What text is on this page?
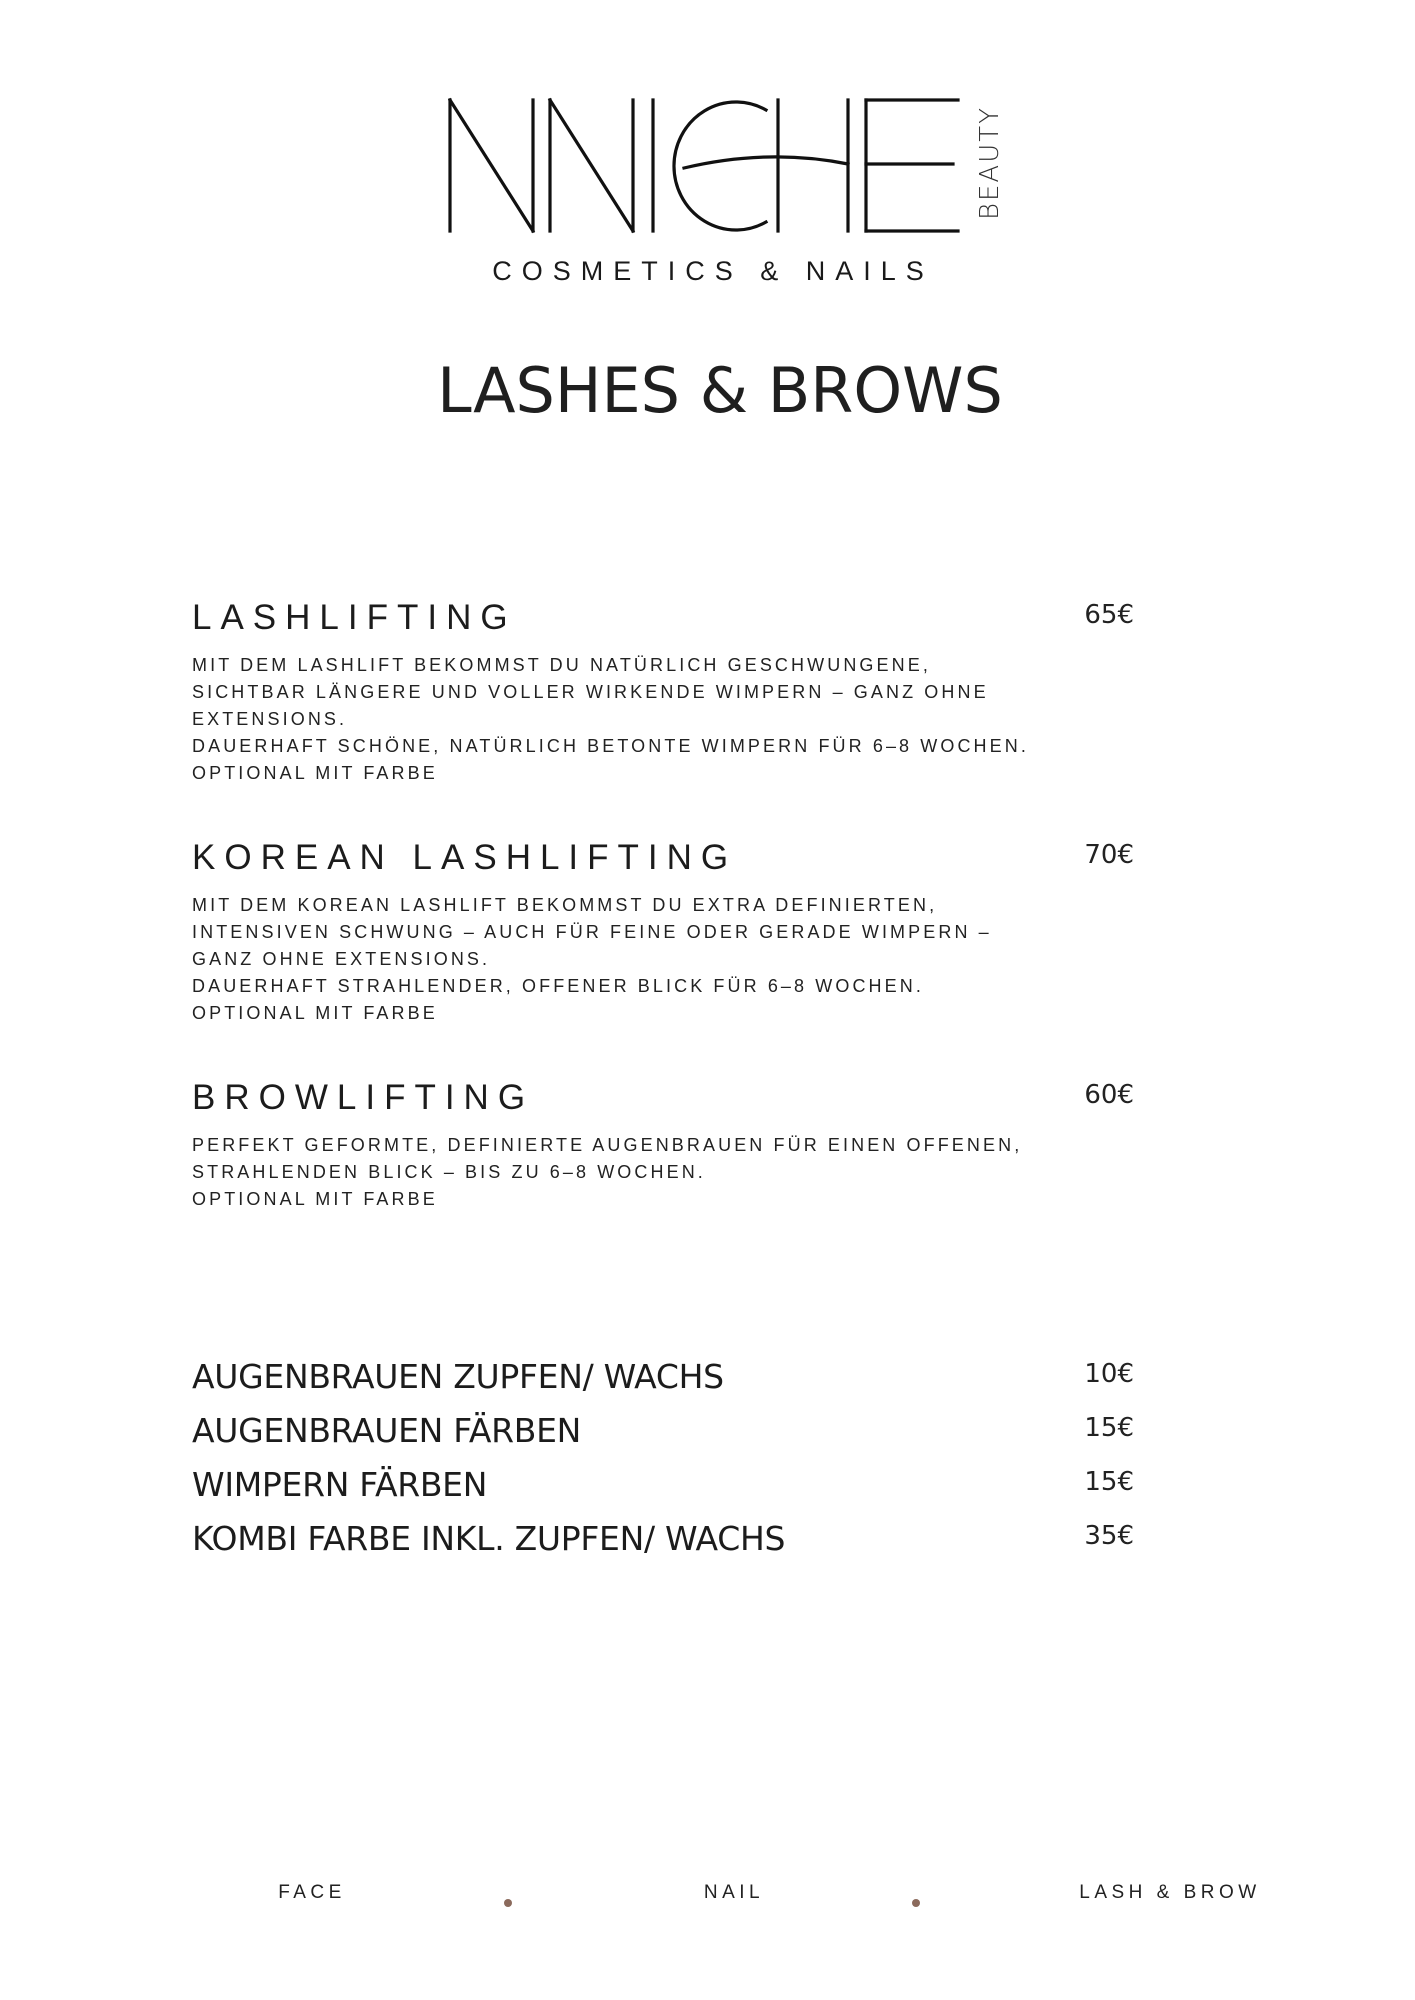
BEAUTY
COSMETICS & NAILS
LASHES & BROWS
LASHLIFTING	65€
MIT DEM LASHLIFT BEKOMMST DU NATÜRLICH GESCHWUNGENE,
SICHTBAR LÄNGERE UND VOLLER WIRKENDE WIMPERN – GANZ OHNE
EXTENSIONS.
DAUERHAFT SCHÖNE, NATÜRLICH BETONTE WIMPERN FÜR 6–8 WOCHEN.
OPTIONAL MIT FARBE
KOREAN LASHLIFTING	70€
MIT DEM KOREAN LASHLIFT BEKOMMST DU EXTRA DEFINIERTEN,
INTENSIVEN SCHWUNG – AUCH FÜR FEINE ODER GERADE WIMPERN –
GANZ OHNE EXTENSIONS.
DAUERHAFT STRAHLENDER, OFFENER BLICK FÜR 6–8 WOCHEN.
OPTIONAL MIT FARBE
BROWLIFTING	60€
PERFEKT GEFORMTE, DEFINIERTE AUGENBRAUEN FÜR EINEN OFFENEN,
STRAHLENDEN BLICK – BIS ZU 6–8 WOCHEN.
OPTIONAL MIT FARBE
AUGENBRAUEN ZUPFEN/ WACHS	10€
AUGENBRAUEN FÄRBEN	15€
WIMPERN FÄRBEN	15€
KOMBI FARBE INKL. ZUPFEN/ WACHS	35€
FACE	NAIL	LASH & BROW
